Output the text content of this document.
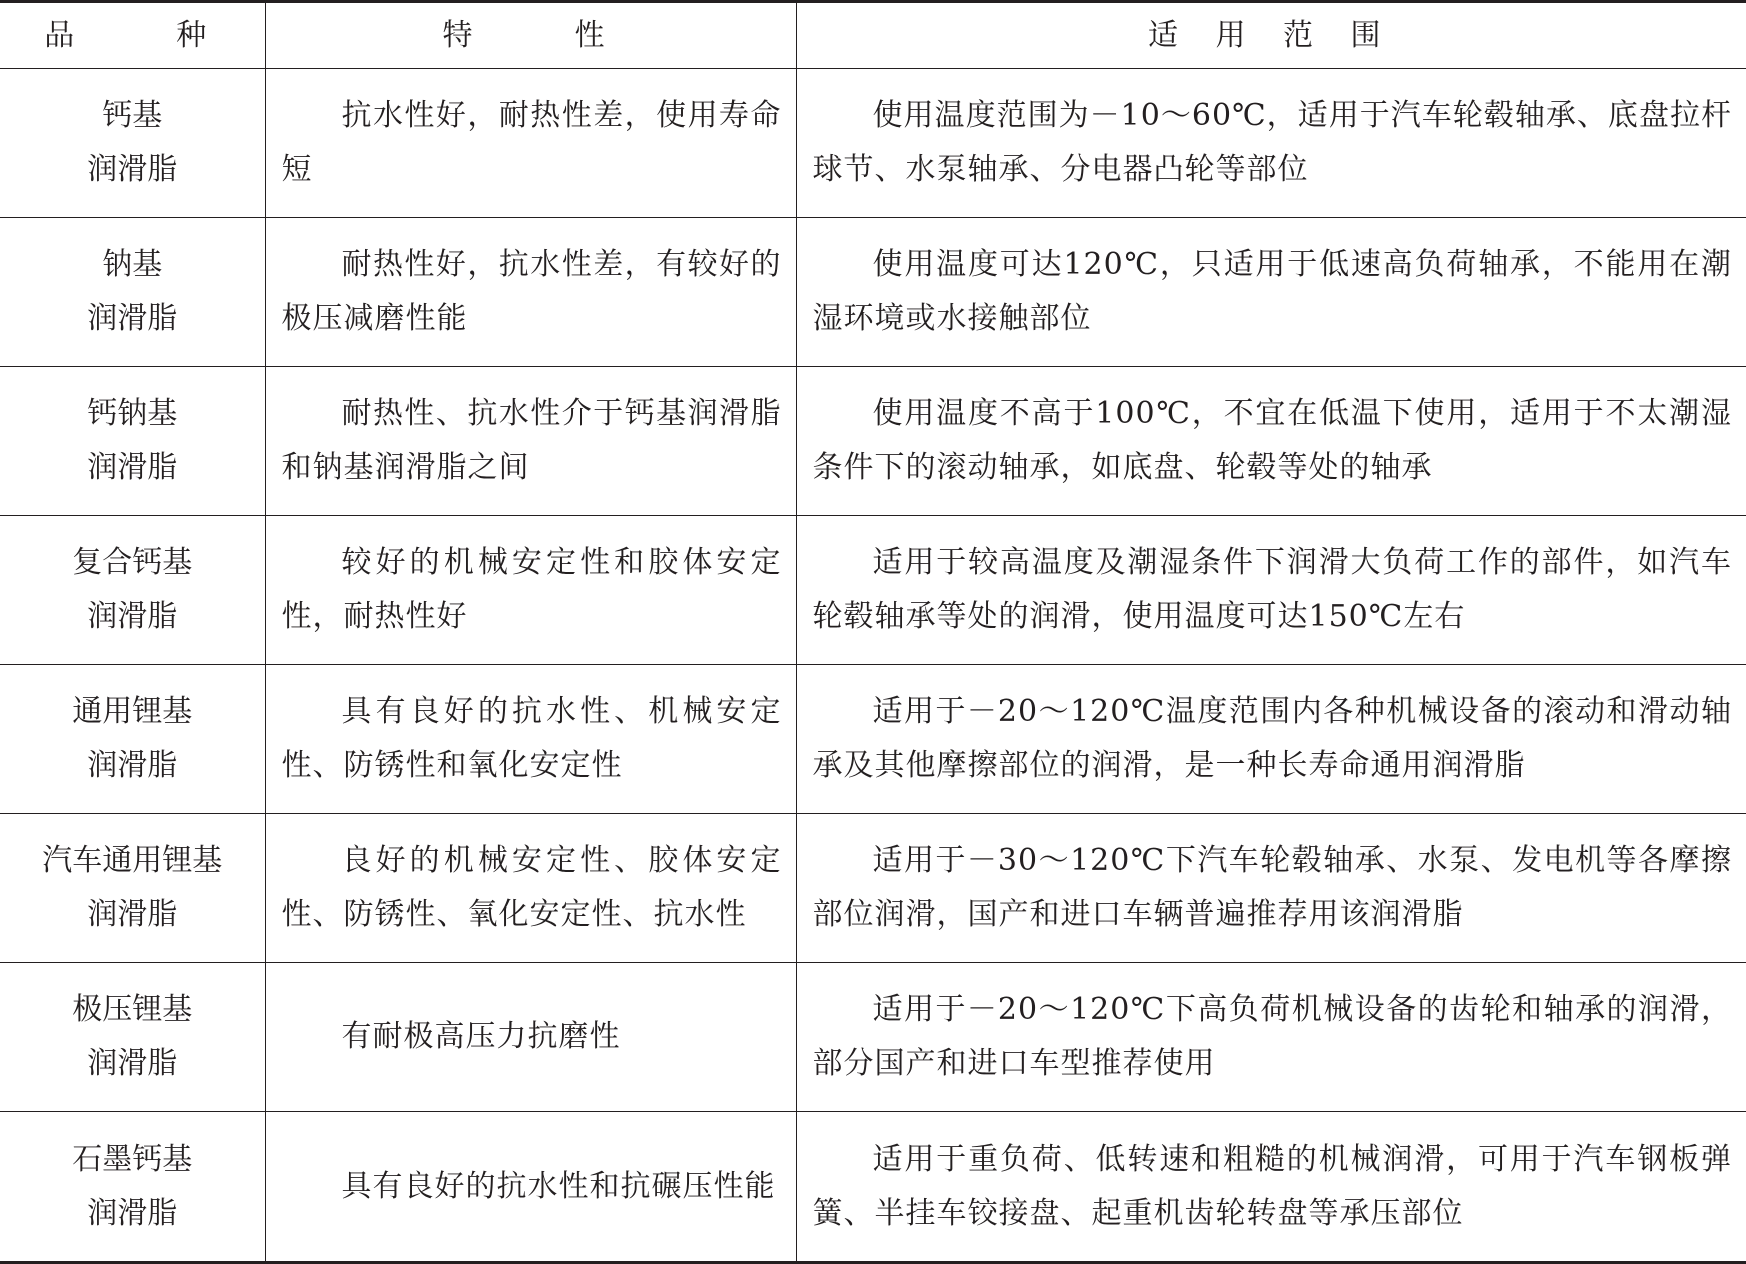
品　　种	特　　性	适 用 范 围

钙基
润滑脂	抗水性好，耐热性差，使用寿命短	使用温度范围为－10～60℃，适用于汽车轮毂轴承、底盘拉杆球节、水泵轴承、分电器凸轮等部位

钠基
润滑脂	耐热性好，抗水性差，有较好的极压减磨性能	使用温度可达120℃，只适用于低速高负荷轴承，不能用在潮湿环境或水接触部位

钙钠基
润滑脂	耐热性、抗水性介于钙基润滑脂和钠基润滑脂之间	使用温度不高于100℃，不宜在低温下使用，适用于不太潮湿条件下的滚动轴承，如底盘、轮毂等处的轴承

复合钙基
润滑脂	较好的机械安定性和胶体安定性，耐热性好	适用于较高温度及潮湿条件下润滑大负荷工作的部件，如汽车轮毂轴承等处的润滑，使用温度可达150℃左右

通用锂基
润滑脂	具有良好的抗水性、机械安定性、防锈性和氧化安定性	适用于－20～120℃温度范围内各种机械设备的滚动和滑动轴承及其他摩擦部位的润滑，是一种长寿命通用润滑脂

汽车通用锂基
润滑脂	良好的机械安定性、胶体安定性、防锈性、氧化安定性、抗水性	适用于－30～120℃下汽车轮毂轴承、水泵、发电机等各摩擦部位润滑，国产和进口车辆普遍推荐用该润滑脂

极压锂基
润滑脂	有耐极高压力抗磨性	适用于－20～120℃下高负荷机械设备的齿轮和轴承的润滑，部分国产和进口车型推荐使用

石墨钙基
润滑脂	具有良好的抗水性和抗碾压性能	适用于重负荷、低转速和粗糙的机械润滑，可用于汽车钢板弹簧、半挂车铰接盘、起重机齿轮转盘等承压部位
